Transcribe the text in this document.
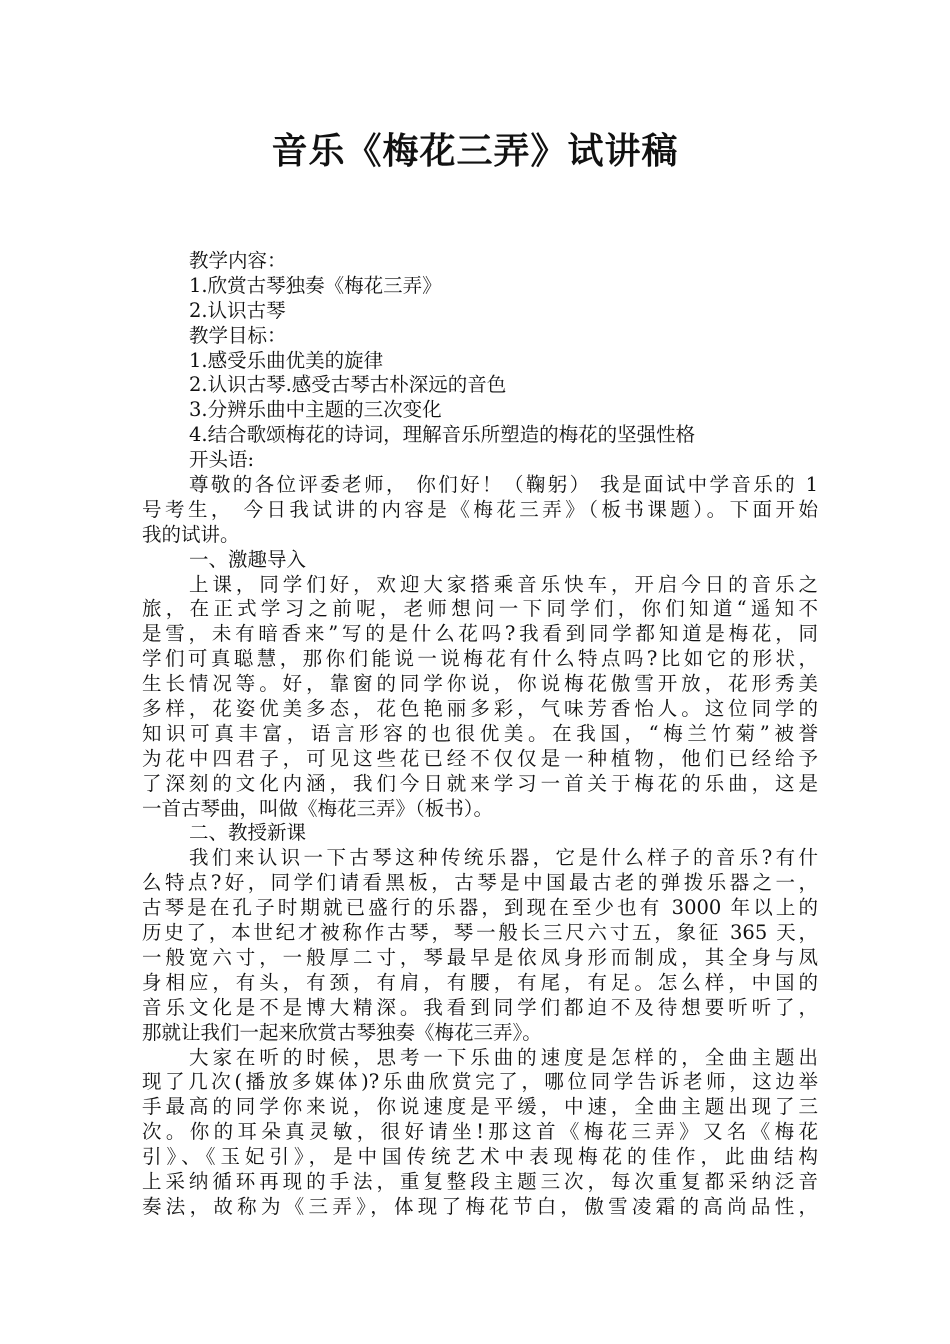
音乐《梅花三弄》试讲稿
教学内容：
1.欣赏古琴独奏《梅花三弄》
2.认识古琴
教学目标：
1.感受乐曲优美的旋律
2.认识古琴.感受古琴古朴深远的音色
3.分辨乐曲中主题的三次变化
4.结合歌颂梅花的诗词，理解音乐所塑造的梅花的坚强性格
开头语:
尊敬的各位评委老师， 你们好！（鞠躬） 我是面试中学音乐的 1
号考生， 今日我试讲的内容是《梅花三弄》（板书课题）。下面开始
我的试讲。
一、激趣导入
上课，同学们好，欢迎大家搭乘音乐快车，开启今日的音乐之
旅，在正式学习之前呢，老师想问一下同学们，你们知道“遥知不
是雪，未有暗香来”写的是什么花吗?我看到同学都知道是梅花，同
学们可真聪慧，那你们能说一说梅花有什么特点吗?比如它的形状，
生长情况等。好，靠窗的同学你说，你说梅花傲雪开放，花形秀美
多样，花姿优美多态，花色艳丽多彩，气味芳香怡人。这位同学的
知识可真丰富，语言形容的也很优美。在我国，“梅兰竹菊”被誉
为花中四君子，可见这些花已经不仅仅是一种植物，他们已经给予
了深刻的文化内涵，我们今日就来学习一首关于梅花的乐曲，这是
一首古琴曲，叫做《梅花三弄》（板书）。
二、教授新课
我们来认识一下古琴这种传统乐器，它是什么样子的音乐?有什
么特点?好，同学们请看黑板，古琴是中国最古老的弹拨乐器之一，
古琴是在孔子时期就已盛行的乐器，到现在至少也有 3000 年以上的
历史了，本世纪才被称作古琴，琴一般长三尺六寸五，象征 365 天，
一般宽六寸，一般厚二寸，琴最早是依凤身形而制成，其全身与凤
身相应，有头，有颈，有肩，有腰，有尾，有足。怎么样，中国的
音乐文化是不是博大精深。我看到同学们都迫不及待想要听听了，
那就让我们一起来欣赏古琴独奏《梅花三弄》。
大家在听的时候，思考一下乐曲的速度是怎样的，全曲主题出
现了几次(播放多媒体)?乐曲欣赏完了，哪位同学告诉老师，这边举
手最高的同学你来说，你说速度是平缓，中速，全曲主题出现了三
次。你的耳朵真灵敏，很好请坐!那这首《梅花三弄》又名《梅花
引》、《玉妃引》，是中国传统艺术中表现梅花的佳作，此曲结构
上采纳循环再现的手法，重复整段主题三次，每次重复都采纳泛音
奏法，故称为《三弄》，体现了梅花节白，傲雪凌霜的高尚品性，
